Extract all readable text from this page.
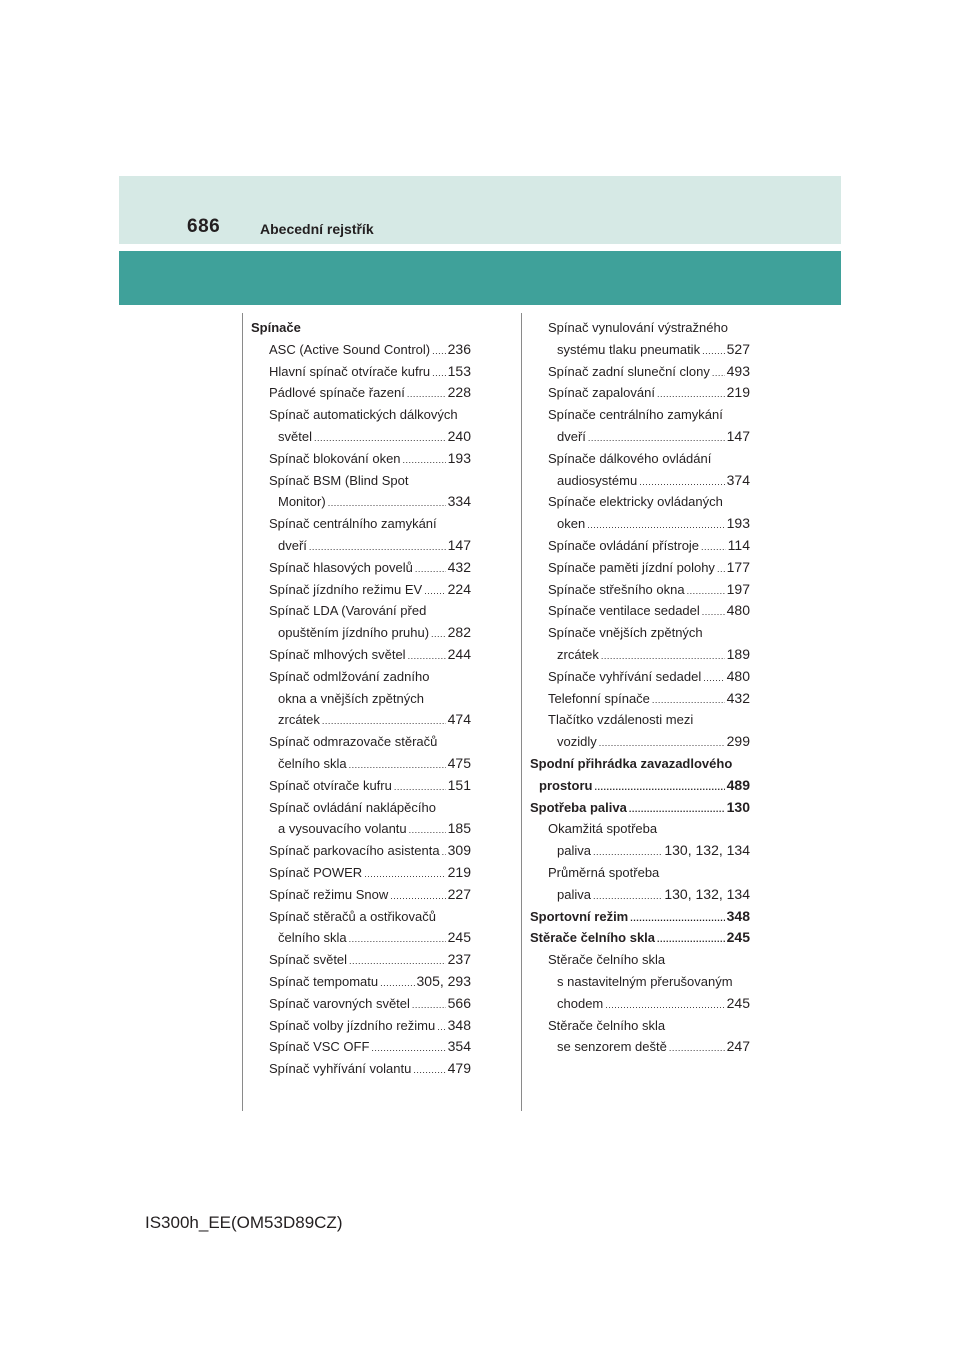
686	Abecední rejstřík
Spínače
ASC (Active Sound Control) ..... 236
Hlavní spínač otvírače kufru ..... 153
Pádlové spínače řazení .....	228
Spínač automatických dálkových
světel .....	240
Spínač blokování oken .....	193
Spínač BSM (Blind Spot
Monitor) .....	334
Spínač centrálního zamykání
dveří .....	147
Spínač hlasových povelů ..... 432
Spínač jízdního režimu EV ..... 224
Spínač LDA (Varování před
opuštěním jízdního pruhu) ..... 282
Spínač mlhových světel .....	244
Spínač odmlžování zadního
okna a vnějších zpětných
zrcátek .....	474
Spínač odmrazovače stěračů
čelního skla .....	475
Spínač otvírače kufru .....	151
Spínač ovládání naklápěcího
a vysouvacího volantu .....	185
Spínač parkovacího asistenta ..... 309
Spínač POWER .....	219
Spínač režimu Snow .....	227
Spínač stěračů a ostřikovačů
čelního skla .....	245
Spínač světel .....	237
Spínač tempomatu .....	305, 293
Spínač varovných světel .....	566
Spínač volby jízdního režimu ..... 348
Spínač VSC OFF .....	354
Spínač vyhřívání volantu .....	479
Spínač vynulování výstražného
systému tlaku pneumatik ..... 527
Spínač zadní sluneční clony ..... 493
Spínač zapalování .....	219
Spínače centrálního zamykání
dveří .....	147
Spínače dálkového ovládání
audiosystému .....	374
Spínače elektricky ovládaných
oken .....	193
Spínače ovládání přístroje ..... 114
Spínače paměti jízdní polohy ..... 177
Spínače střešního okna .....	197
Spínače ventilace sedadel ..... 480
Spínače vnějších zpětných
zrcátek .....	189
Spínače vyhřívání sedadel ..... 480
Telefonní spínače .....	432
Tlačítko vzdálenosti mezi
vozidly .....	299
Spodní přihrádka zavazadlového
prostoru .....	489
Spotřeba paliva .....	130
Okamžitá spotřeba
paliva .....	130, 132, 134
Průměrná spotřeba
paliva .....	130, 132, 134
Sportovní režim .....	348
Stěrače čelního skla .....	245
Stěrače čelního skla
s nastavitelným přerušovaným
chodem .....	245
Stěrače čelního skla
se senzorem deště .....	247
IS300h_EE(OM53D89CZ)
